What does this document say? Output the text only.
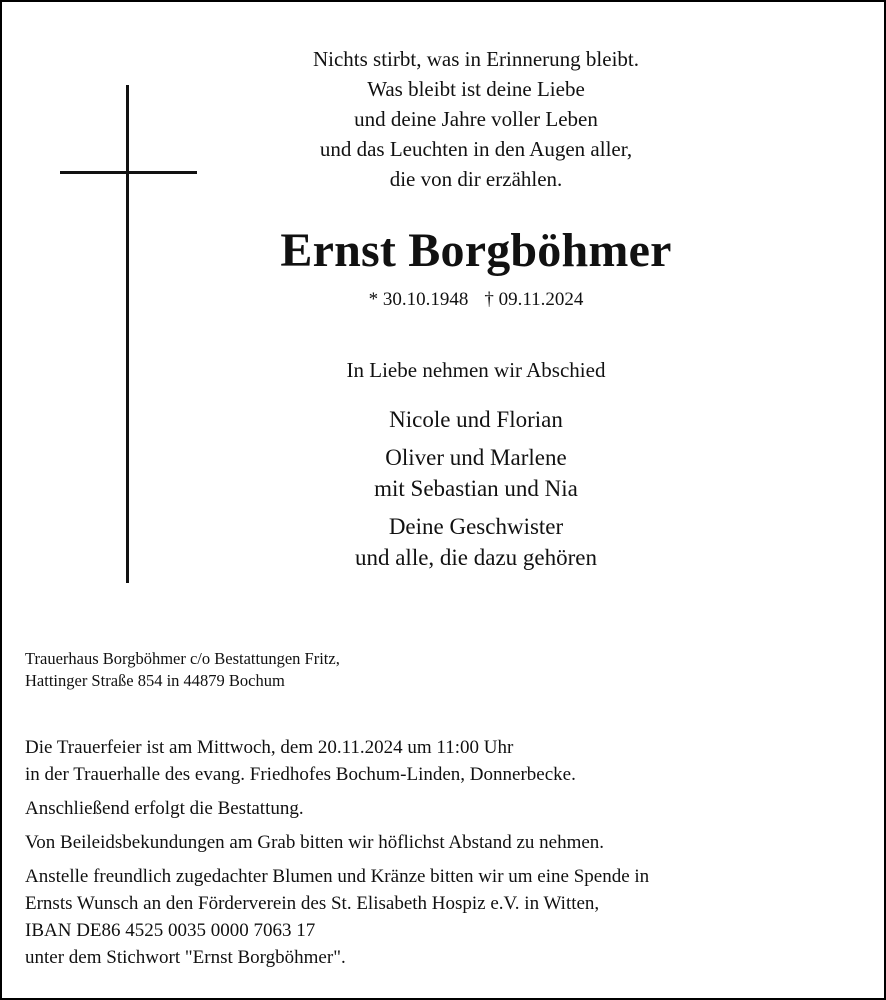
Nichts stirbt, was in Erinnerung bleibt.
Was bleibt ist deine Liebe
und deine Jahre voller Leben
und das Leuchten in den Augen aller,
die von dir erzählen.
Ernst Borgböhmer
* 30.10.1948 † 09.11.2024
In Liebe nehmen wir Abschied
Nicole und Florian
Oliver und Marlene
mit Sebastian und Nia
Deine Geschwister
und alle, die dazu gehören
Trauerhaus Borgböhmer c/o Bestattungen Fritz,
Hattinger Straße 854 in 44879 Bochum
Die Trauerfeier ist am Mittwoch, dem 20.11.2024 um 11:00 Uhr
in der Trauerhalle des evang. Friedhofes Bochum-Linden, Donnerbecke.
Anschließend erfolgt die Bestattung.
Von Beileidsbekundungen am Grab bitten wir höflichst Abstand zu nehmen.
Anstelle freundlich zugedachter Blumen und Kränze bitten wir um eine Spende in
Ernsts Wunsch an den Förderverein des St. Elisabeth Hospiz e.V. in Witten,
IBAN DE86 4525 0035 0000 7063 17
unter dem Stichwort "Ernst Borgböhmer".
